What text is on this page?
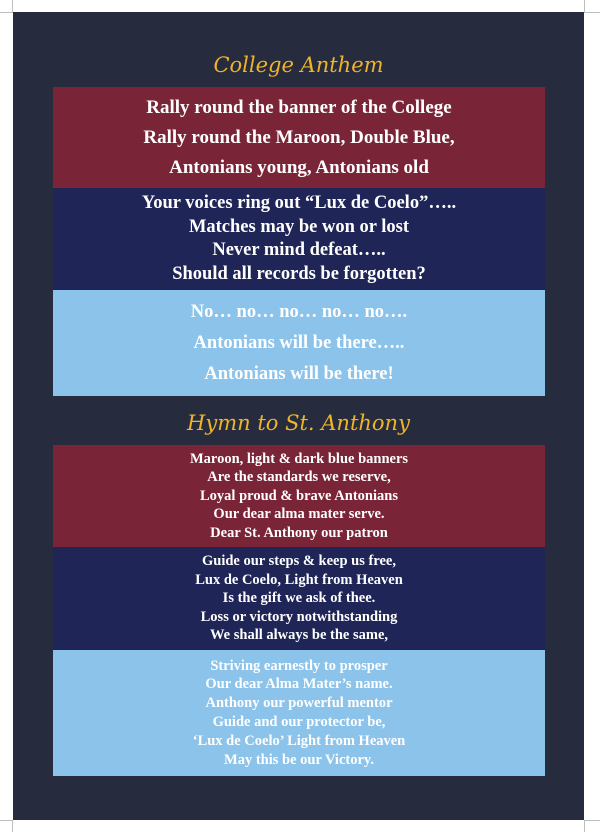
College Anthem
Rally round the banner of the College
Rally round the Maroon, Double Blue,
Antonians young, Antonians old
Your voices ring out “Lux de Coelo”…..
Matches may be won or lost
Never mind defeat…..
Should all records be forgotten?
No… no… no… no… no….
Antonians will be there…..
Antonians will be there!
Hymn to St. Anthony
Maroon, light & dark blue banners
Are the standards we reserve,
Loyal proud & brave Antonians
Our dear alma mater serve.
Dear St. Anthony our patron
Guide our steps & keep us free,
Lux de Coelo, Light from Heaven
Is the gift we ask of thee.
Loss or victory notwithstanding
We shall always be the same,
Striving earnestly to prosper
Our dear Alma Mater’s name.
Anthony our powerful mentor
Guide and our protector be,
‘Lux de Coelo’ Light from Heaven
May this be our Victory.
